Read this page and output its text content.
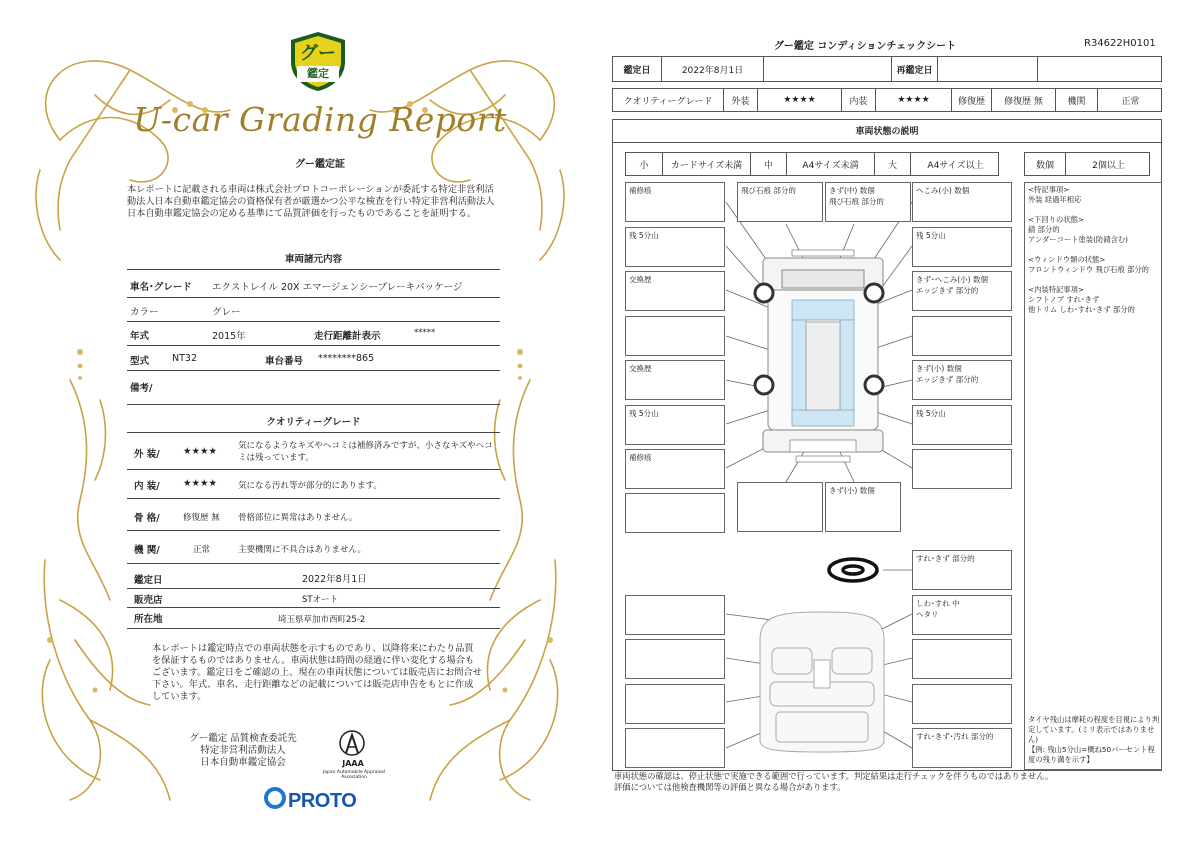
グー
鑑定
U-car Grading Report
グー鑑定証
本レポートに記載される車両は株式会社プロトコーポレーションが委託する特定非営利活動法人日本自動車鑑定協会の資格保有者が厳選かつ公平な検査を行い特定非営利活動法人日本自動車鑑定協会の定める基準にて品質評価を行ったものであることを証明する。
車両諸元内容
車名･グレード エクストレイル 20X エマージェンシーブレーキパッケージ
カラー	グレー
年式	2015年	走行距離計表示	*****
型式 NT32	車台番号 ********865
備考/
クオリティーグレード
外 装/ ★★★★ 気になるようなキズやヘコミは補修済みですが、小さなキズやヘコミは残っています。
内 装/ ★★★★ 気になる汚れ等が部分的にあります。
骨 格/	修復歴 無 骨格部位に異常はありません。
機 関/	正常	主要機関に不具合はありません。
鑑定日	2022年8月1日
販売店	STオート
所在地	埼玉県草加市西町25-2
本レポートは鑑定時点での車両状態を示すものであり、以降将来にわたり品質を保証するものではありません。車両状態は時間の経過に伴い変化する場合もございます。鑑定日をご確認の上、現在の車両状態については販売店にお問合せ下さい。年式、車名、走行距離などの記載については販売店申告をもとに作成しています。
グー鑑定 品質検査委託先
特定非営利活動法人
日本自動車鑑定協会	JAAA
Japan Automobile Appraisal Association
PROTO
グー鑑定 コンディションチェックシート	R34622H0101
鑑定日	2022年8月1日	再鑑定日
クオリティーグレード	外装	★★★★	内装	★★★★	修復歴	修復歴 無	機関	正常
車両状態の説明
小	カードサイズ未満	中	A4サイズ未満	大	A4サイズ以上	数個	2個以上
補修痕
残 5分山
交換歴
交換歴
残 5分山
補修痕
飛び石痕 部分的	きず(中) 数個
飛び石痕 部分的
へこみ(小) 数個
残 5分山
きず･へこみ(小) 数個
エッジきず 部分的
きず(小) 数個
エッジきず 部分的
残 5分山
きず(小) 数個
すれ･きず 部分的
しわ･すれ 中
ヘタリ
すれ･きず･汚れ 部分的
<特記事項>
外装 経過年相応
<下回りの状態>
錆 部分的
アンダーコート塗装(防錆含む)
<ウィンドウ類の状態>
フロントウィンドウ 飛び石痕 部分的
<内装特記事項>
シフトノブ すれ･きず
他トリム しわ･すれ･きず 部分的
タイヤ残山は摩耗の程度を目視により判定しています。(ミリ表示ではありません)
【例: 残山5分山=概ね50パーセント程度の残り溝を示す】
車両状態の確認は、停止状態で実施できる範囲で行っています。判定結果は走行チェックを伴うものではありません。
評価については他検査機関等の評価と異なる場合があります。
